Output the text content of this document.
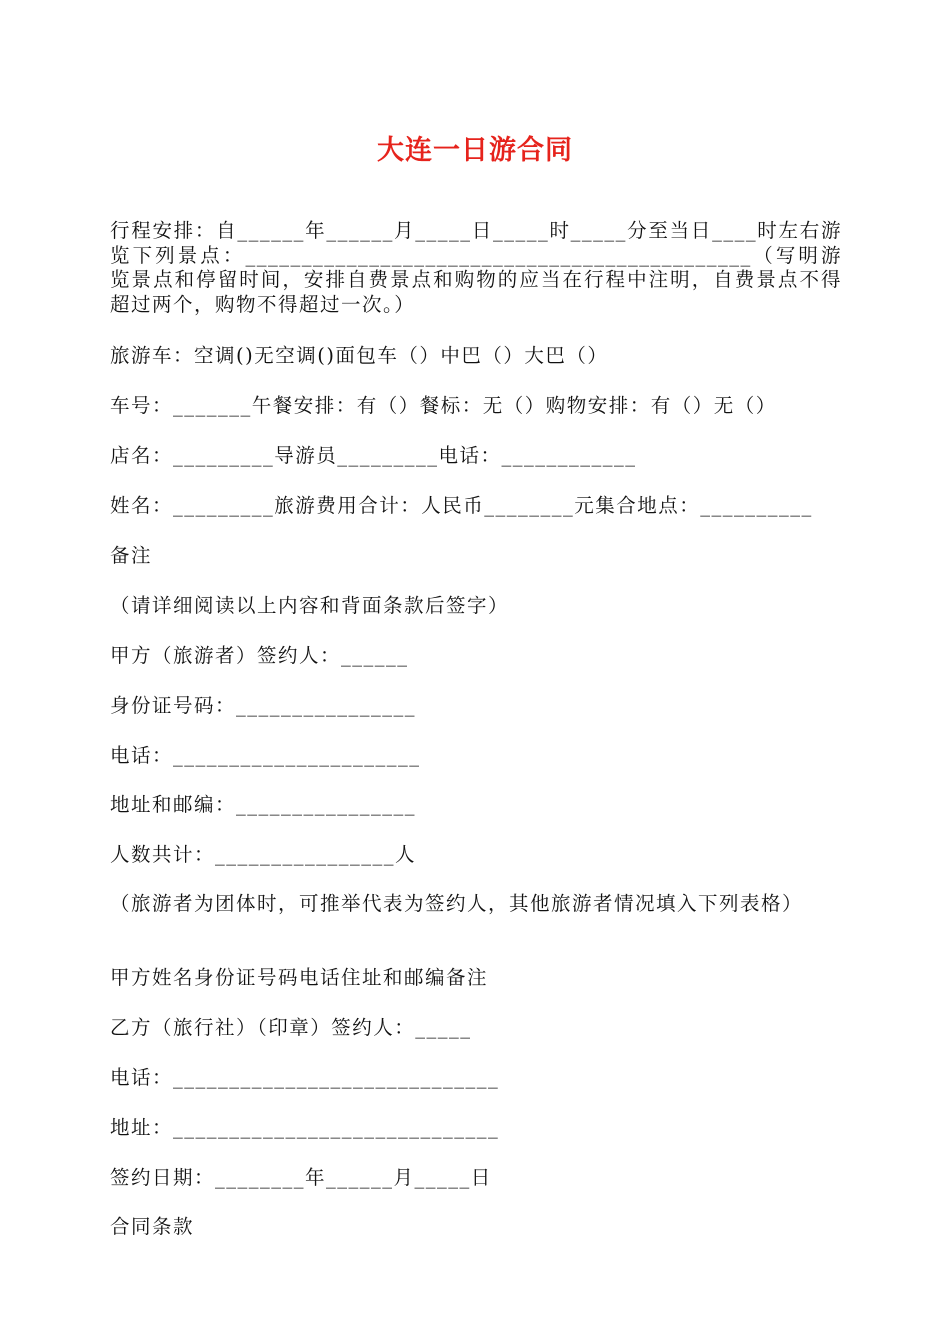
大连一日游合同
行程安排：自______年______月_____日_____时_____分至当日____时左右游览下列景点：_____________________________________________（写明游览景点和停留时间，安排自费景点和购物的应当在行程中注明，自费景点不得超过两个，购物不得超过一次。）
旅游车：空调()无空调()面包车（）中巴（）大巴（）
车号：_______午餐安排：有（）餐标：无（）购物安排：有（）无（）
店名：_________导游员_________电话：____________
姓名：_________旅游费用合计：人民币________元集合地点：__________
备注
（请详细阅读以上内容和背面条款后签字）
甲方（旅游者）签约人：______
身份证号码：________________
电话：______________________
地址和邮编：________________
人数共计：________________人
（旅游者为团体时，可推举代表为签约人，其他旅游者情况填入下列表格）
甲方姓名身份证号码电话住址和邮编备注
乙方（旅行社）（印章）签约人：_____
电话：_____________________________
地址：_____________________________
签约日期：________年______月_____日
合同条款
